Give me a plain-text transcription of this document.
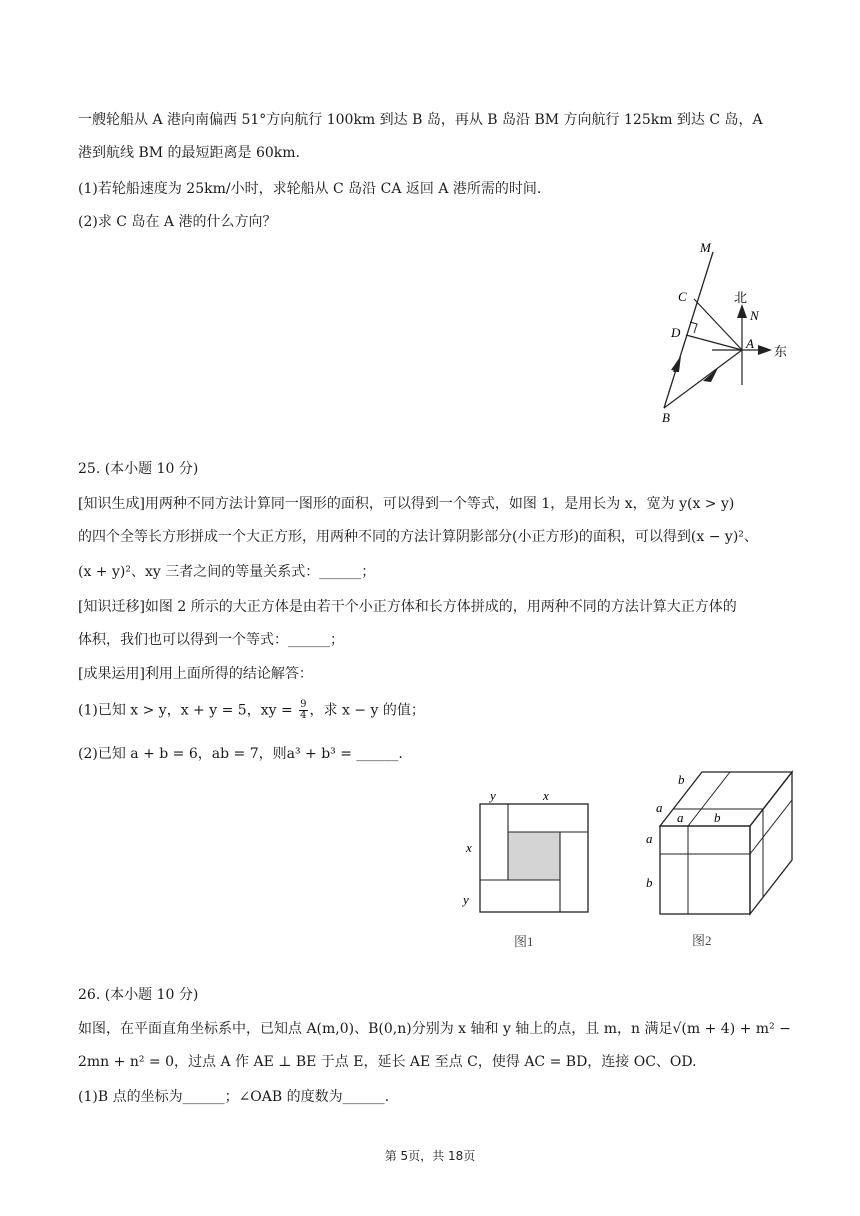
一艘轮船从 A 港向南偏西 51°方向航行 100km 到达 B 岛，再从 B 岛沿 BM 方向航行 125km 到达 C 岛，A
港到航线 BM 的最短距离是 60km.
(1)若轮船速度为 25km/小时，求轮船从 C 岛沿 CA 返回 A 港所需的时间.
(2)求 C 岛在 A 港的什么方向？
M
C
D
A
B
北
N
东
25. (本小题 10 分)
[知识生成]用两种不同方法计算同一图形的面积，可以得到一个等式，如图 1，是用长为 x，宽为 y(x > y)
的四个全等长方形拼成一个大正方形，用两种不同的方法计算阴影部分(小正方形)的面积，可以得到(x − y)²、
(x + y)²、xy 三者之间的等量关系式：______；
[知识迁移]如图 2 所示的大正方体是由若干个小正方体和长方体拼成的，用两种不同的方法计算大正方体的
体积，我们也可以得到一个等式：______；
[成果运用]利用上面所得的结论解答：
(1)已知 x > y，x + y = 5，xy = $\frac{9}{4}$ ，求 x − y 的值；
(2)已知 a + b = 6，ab = 7，则a³ + b³ = ______.
y	x
x
y
图1
b
a
a b
a
b
图2
26. (本小题 10 分)
如图，在平面直角坐标系中，已知点 A(m,0)、B(0,n)分别为 x 轴和 y 轴上的点，且 m，n 满足√(m + 4) + m² −
2mn + n² = 0，过点 A 作 AE ⊥ BE 于点 E，延长 AE 至点 C，使得 AC = BD，连接 OC、OD.
(1)B 点的坐标为______；∠OAB 的度数为______.
第 5页，共 18页
